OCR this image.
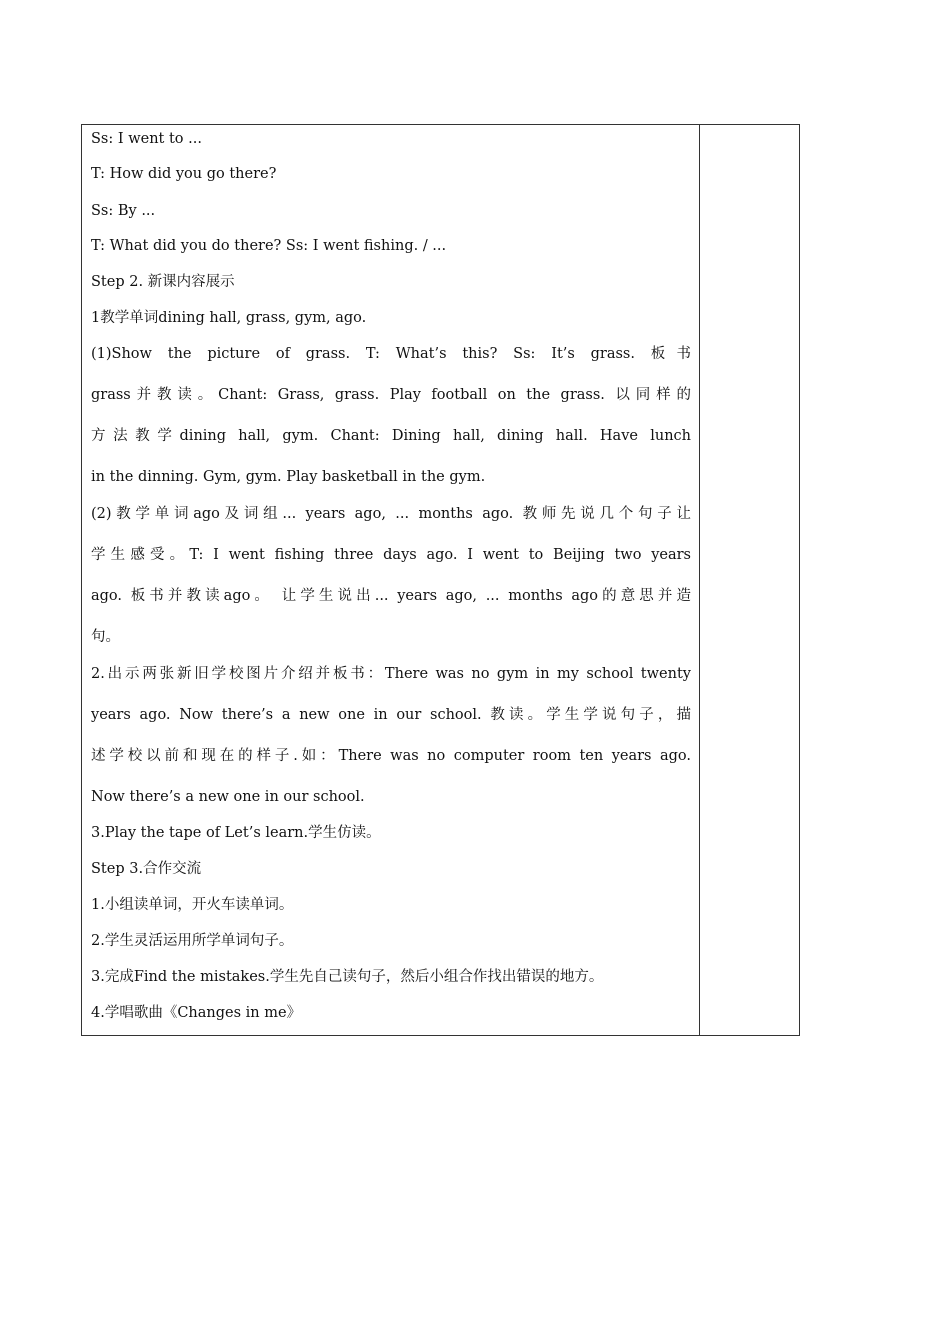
Ss: I went to ...
T: How did you go there?
Ss: By ...
T: What did you do there? Ss: I went fishing. / ...
Step 2. 新课内容展示
1教学单词dining hall, grass, gym, ago.
(1)Show the picture of grass. T: What’s this? Ss: It’s grass. 板书
grass并教读。Chant: Grass, grass. Play football on the grass. 以同样的
方法教学dining hall, gym. Chant: Dining hall, dining hall. Have lunch
in the dinning. Gym, gym. Play basketball in the gym.
(2)教学单词ago及词组... years ago, ... months ago. 教师先说几个句子让
学生感受。T: I went fishing three days ago. I went to Beijing two years
ago. 板书并教读ago。 让学生说出... years ago, ... months ago的意思并造
句。
2.出示两张新旧学校图片介绍并板书：There was no gym in my school twenty
years ago. Now there’s a new one in our school. 教读。学生学说句子，描
述学校以前和现在的样子.如：There was no computer room ten years ago.
Now there’s a new one in our school.
3.Play the tape of Let’s learn.学生仿读。
Step 3.合作交流
1.小组读单词，开火车读单词。
2.学生灵活运用所学单词句子。
3.完成Find the mistakes.学生先自己读句子，然后小组合作找出错误的地方。
4.学唱歌曲《Changes in me》
